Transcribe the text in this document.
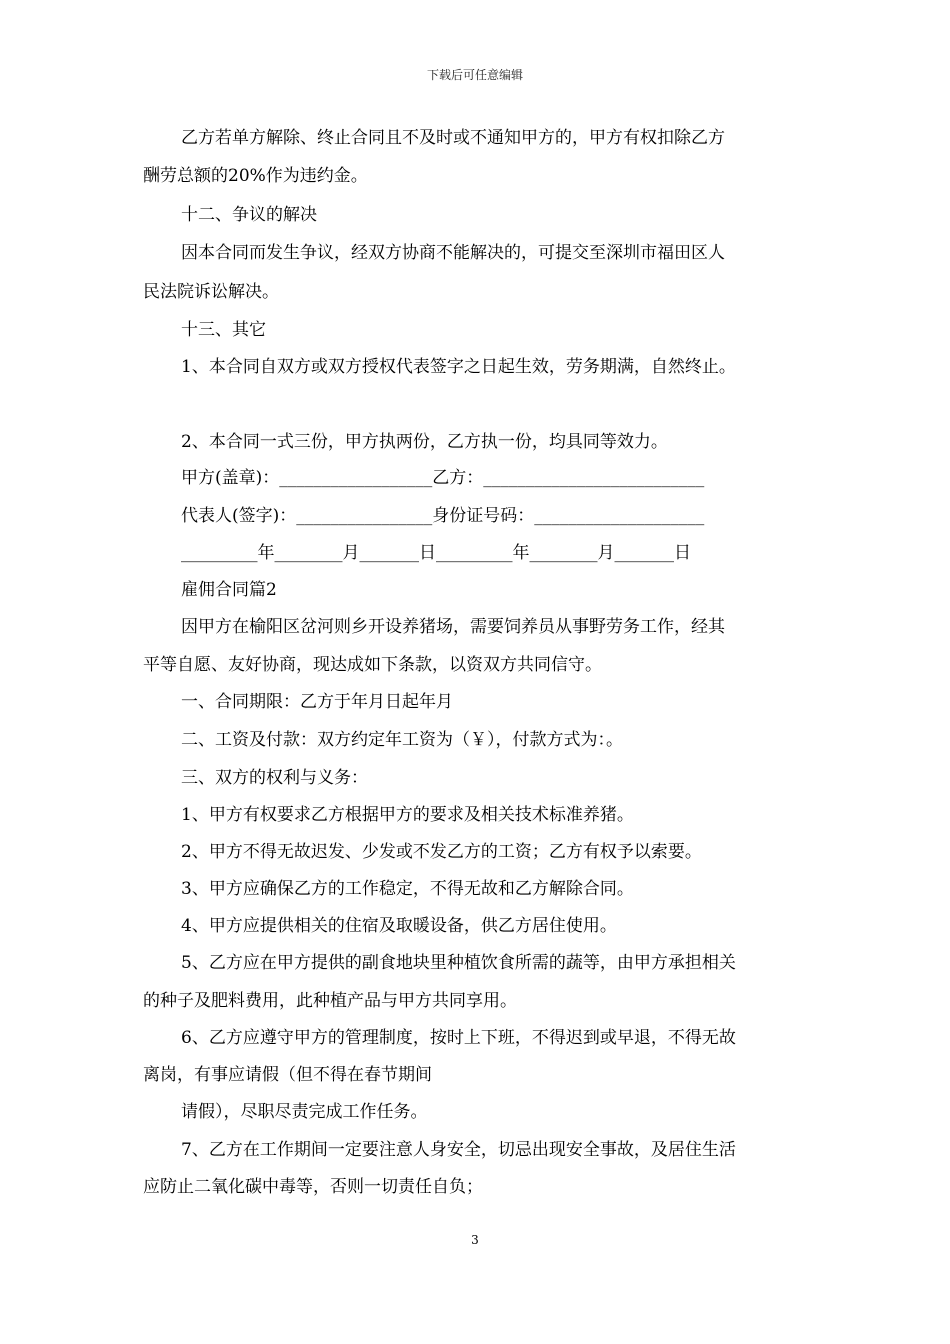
下载后可任意编辑
乙方若单方解除、终止合同且不及时或不通知甲方的，甲方有权扣除乙方
酬劳总额的20%作为违约金。
十二、争议的解决
因本合同而发生争议，经双方协商不能解决的，可提交至深圳市福田区人
民法院诉讼解决。
十三、其它
1、本合同自双方或双方授权代表签字之日起生效，劳务期满，自然终止。
2、本合同一式三份，甲方执两份，乙方执一份，均具同等效力。
甲方(盖章)：__________________乙方：__________________________
代表人(签字)：________________身份证号码：____________________
_________年________月_______日_________年________月_______日
雇佣合同篇2
因甲方在榆阳区岔河则乡开设养猪场，需要饲养员从事野劳务工作，经其
平等自愿、友好协商，现达成如下条款，以资双方共同信守。
一、合同期限：乙方于年月日起年月
二、工资及付款：双方约定年工资为（￥），付款方式为：。
三、双方的权利与义务：
1、甲方有权要求乙方根据甲方的要求及相关技术标准养猪。
2、甲方不得无故迟发、少发或不发乙方的工资；乙方有权予以索要。
3、甲方应确保乙方的工作稳定，不得无故和乙方解除合同。
4、甲方应提供相关的住宿及取暖设备，供乙方居住使用。
5、乙方应在甲方提供的副食地块里种植饮食所需的蔬等，由甲方承担相关
的种子及肥料费用，此种植产品与甲方共同享用。
6、乙方应遵守甲方的管理制度，按时上下班，不得迟到或早退，不得无故
离岗，有事应请假（但不得在春节期间
请假），尽职尽责完成工作任务。
7、乙方在工作期间一定要注意人身安全，切忌出现安全事故，及居住生活
应防止二氧化碳中毒等，否则一切责任自负；
3
